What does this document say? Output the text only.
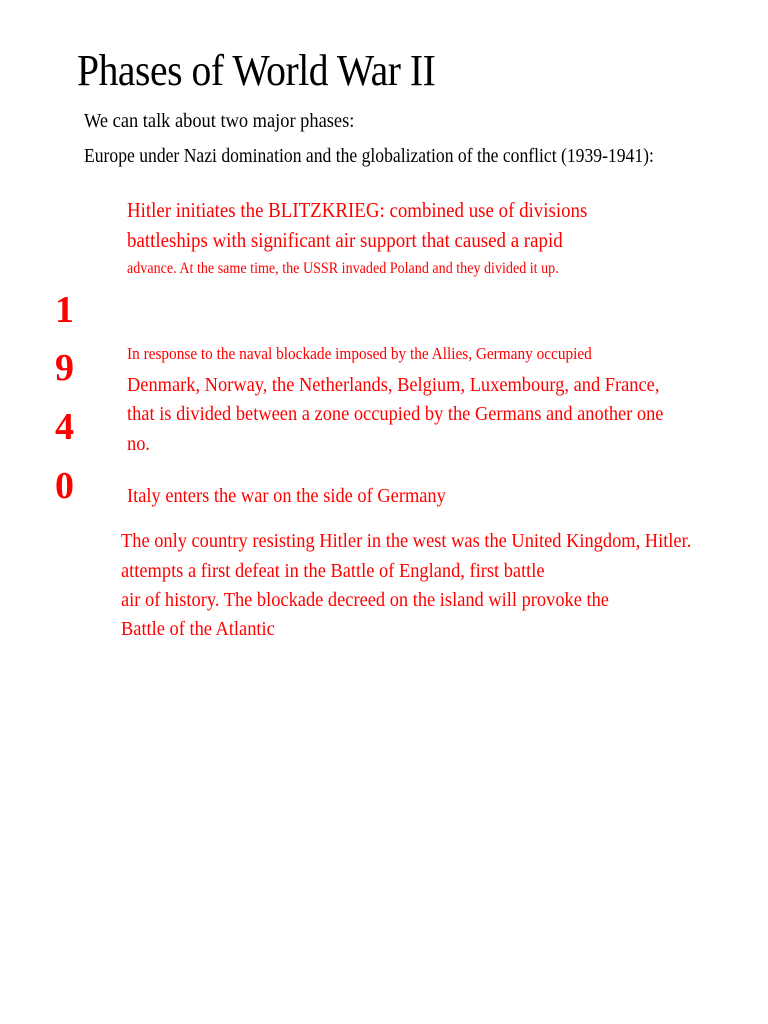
Phases of World War II
We can talk about two major phases:
Europe under Nazi domination and the globalization of the conflict (1939-1941):
Hitler initiates the BLITZKRIEG: combined use of divisions
battleships with significant air support that caused a rapid
advance. At the same time, the USSR invaded Poland and they divided it up.
1
9
4
0
In response to the naval blockade imposed by the Allies, Germany occupied
Denmark, Norway, the Netherlands, Belgium, Luxembourg, and France,
that is divided between a zone occupied by the Germans and another one
no.
Italy enters the war on the side of Germany
The only country resisting Hitler in the west was the United Kingdom, Hitler.
attempts a first defeat in the Battle of England, first battle
air of history. The blockade decreed on the island will provoke the
Battle of the Atlantic
